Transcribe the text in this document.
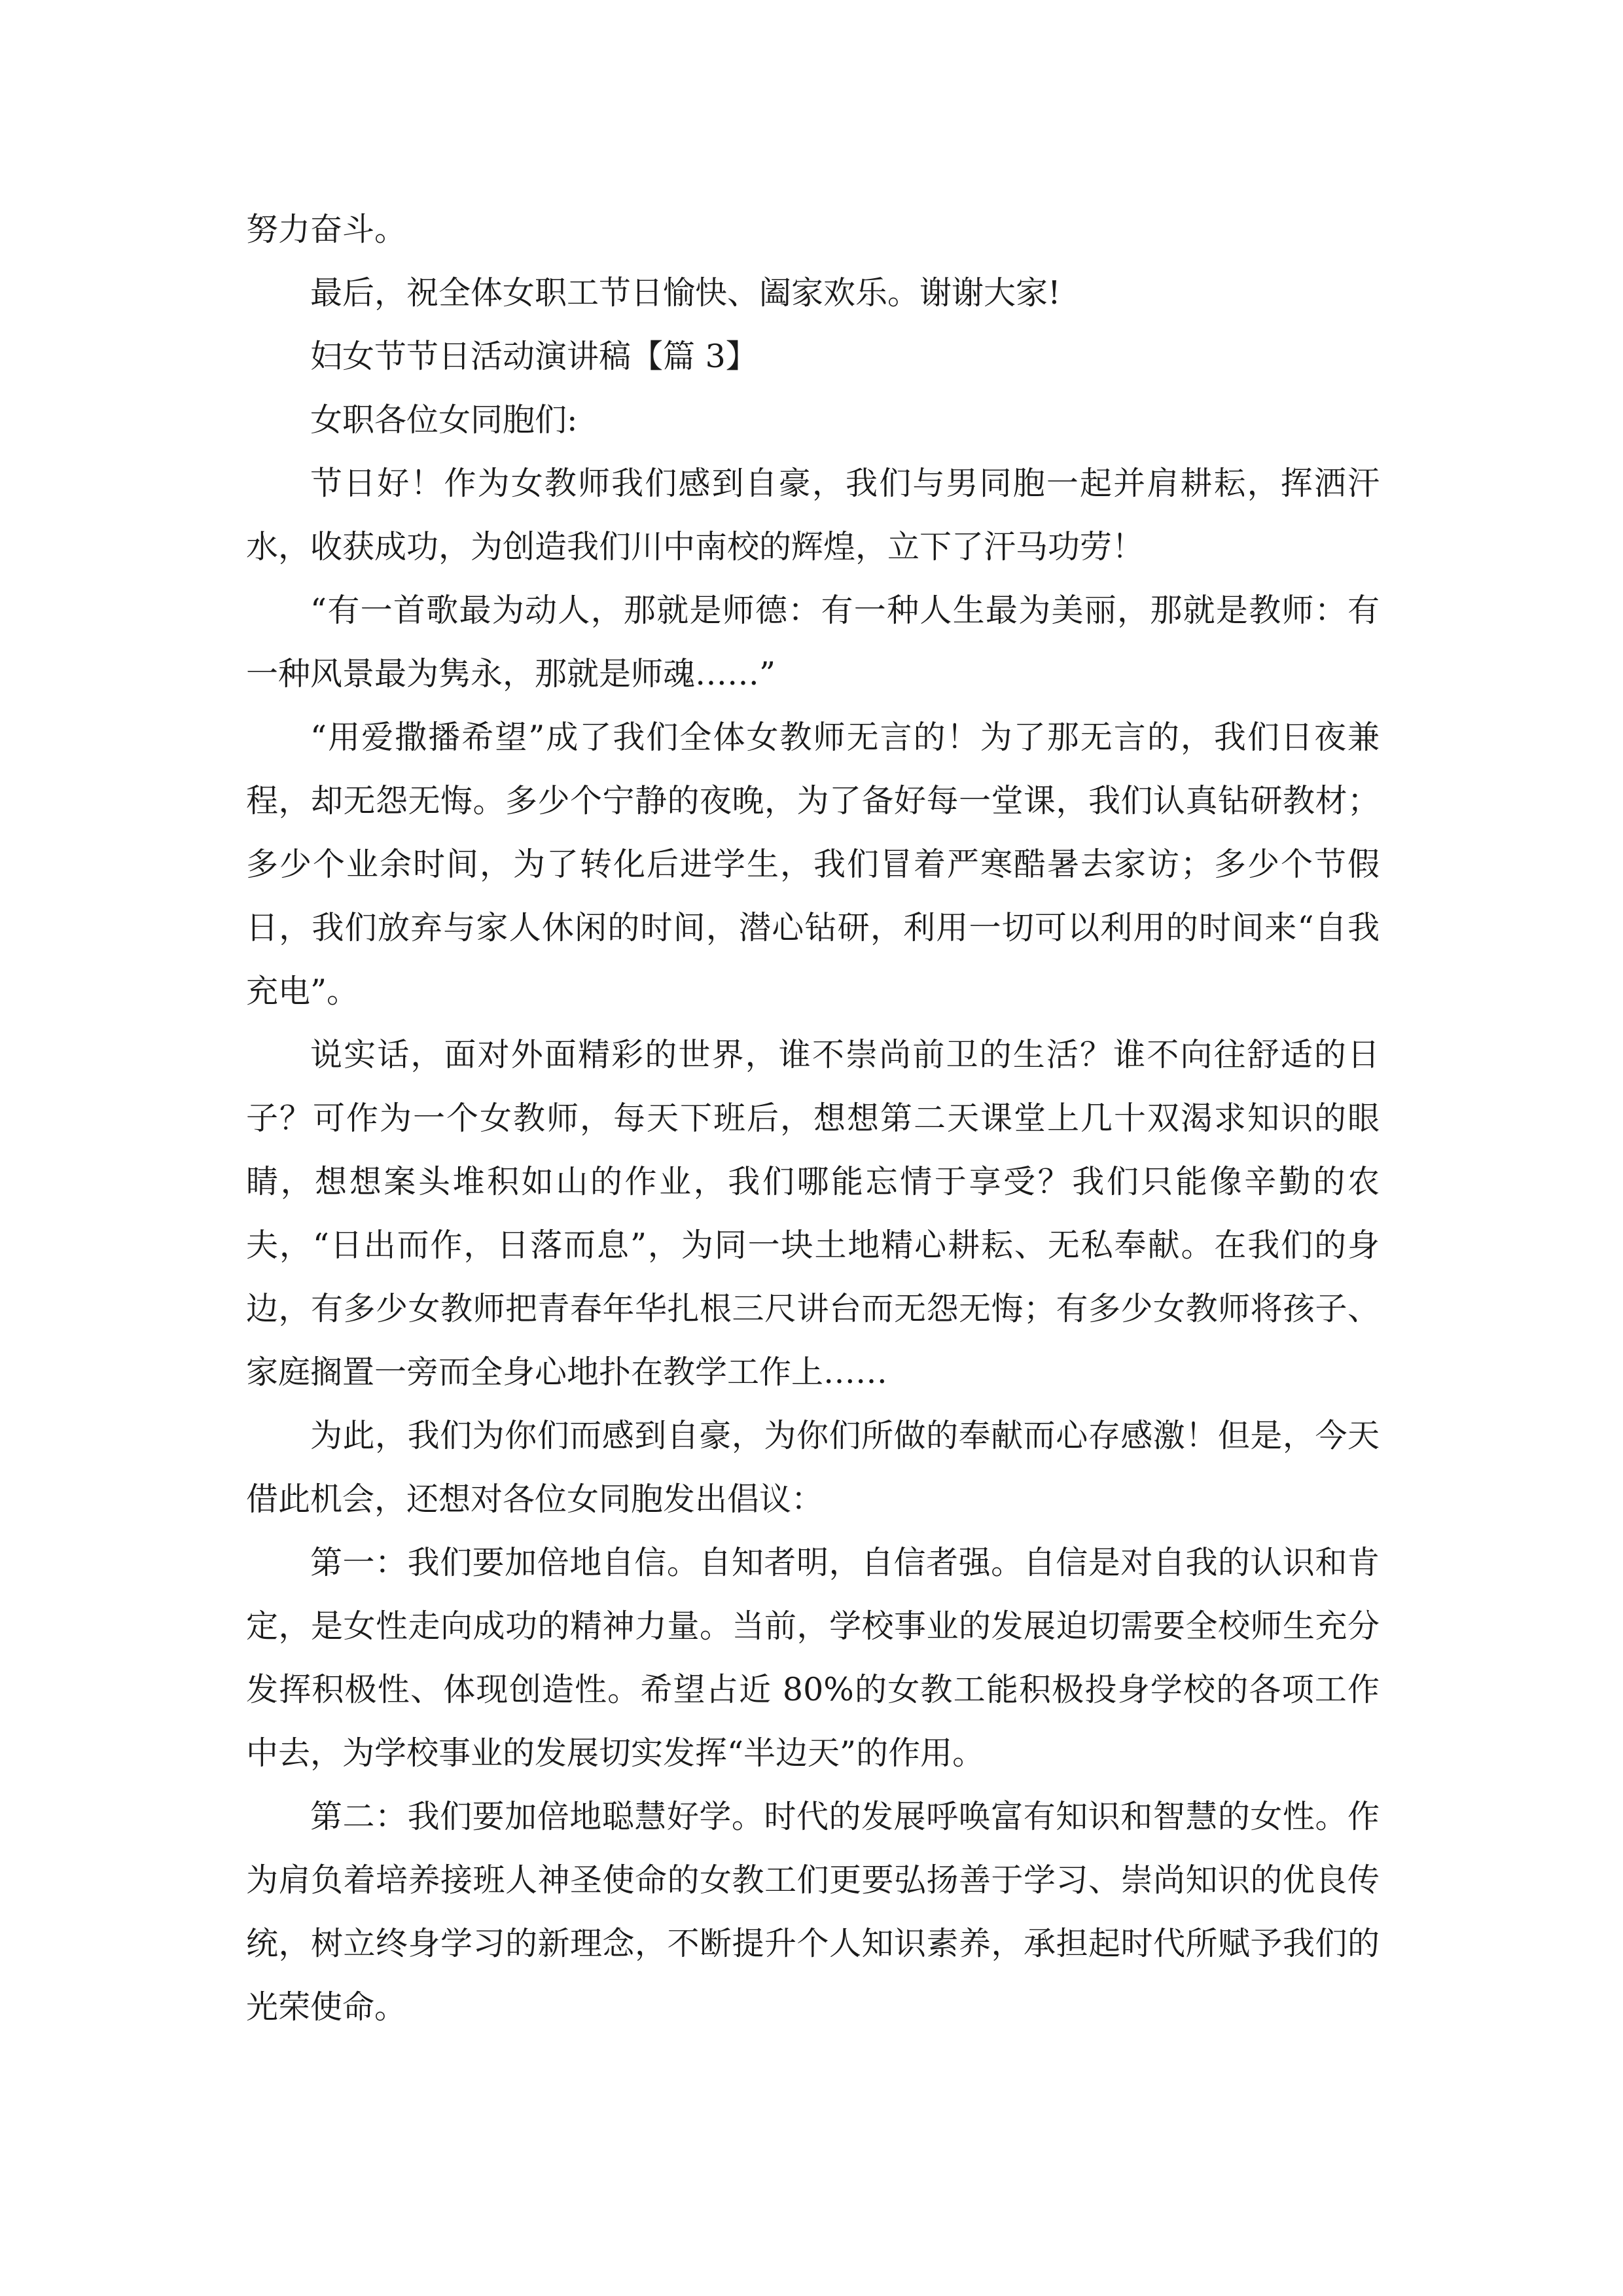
努力奋斗。

最后，祝全体女职工节日愉快、阖家欢乐。谢谢大家!

妇女节节日活动演讲稿【篇 3】

女职各位女同胞们:

节日好！作为女教师我们感到自豪，我们与男同胞一起并肩耕耘，挥洒汗水，收获成功，为创造我们川中南校的辉煌，立下了汗马功劳！

“有一首歌最为动人，那就是师德：有一种人生最为美丽，那就是教师：有一种风景最为隽永，那就是师魂……”

“用爱撒播希望”成了我们全体女教师无言的！为了那无言的，我们日夜兼程，却无怨无悔。多少个宁静的夜晚，为了备好每一堂课，我们认真钻研教材；多少个业余时间，为了转化后进学生，我们冒着严寒酷暑去家访；多少个节假日，我们放弃与家人休闲的时间，潜心钻研，利用一切可以利用的时间来“自我充电”。

说实话，面对外面精彩的世界，谁不崇尚前卫的生活？谁不向往舒适的日子？可作为一个女教师，每天下班后，想想第二天课堂上几十双渴求知识的眼睛，想想案头堆积如山的作业，我们哪能忘情于享受？我们只能像辛勤的农夫，“日出而作，日落而息”，为同一块土地精心耕耘、无私奉献。在我们的身边，有多少女教师把青春年华扎根三尺讲台而无怨无悔；有多少女教师将孩子、家庭搁置一旁而全身心地扑在教学工作上……

为此，我们为你们而感到自豪，为你们所做的奉献而心存感激！但是，今天借此机会，还想对各位女同胞发出倡议：

第一：我们要加倍地自信。自知者明，自信者强。自信是对自我的认识和肯定，是女性走向成功的精神力量。当前，学校事业的发展迫切需要全校师生充分发挥积极性、体现创造性。希望占近 80%的女教工能积极投身学校的各项工作中去，为学校事业的发展切实发挥“半边天”的作用。

第二：我们要加倍地聪慧好学。时代的发展呼唤富有知识和智慧的女性。作为肩负着培养接班人神圣使命的女教工们更要弘扬善于学习、崇尚知识的优良传统，树立终身学习的新理念，不断提升个人知识素养，承担起时代所赋予我们的光荣使命。
